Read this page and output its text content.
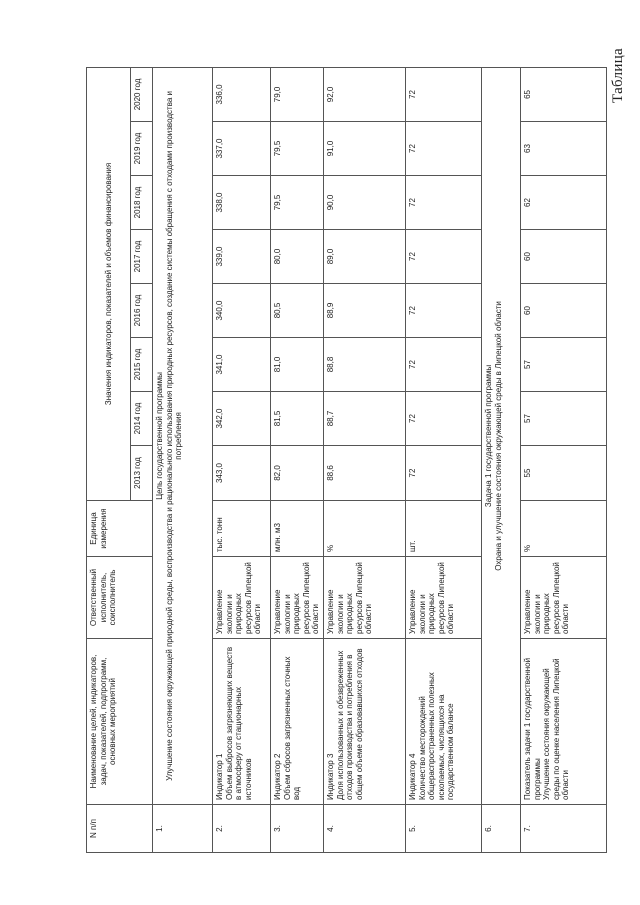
Таблица
N п/п	Наименование целей, индикаторов, задач, показателей, подпрограмм, основных мероприятий	Ответственный исполнитель, соисполнитель	Единица измерения	Значения индикаторов, показателей и объемов финансирования							
				2013 год	2014 год	2015 год	2016 год	2017 год	2018 год	2019 год	2020 год
1.	Цель государственной программы Улучшение состояния окружающей природной среды, воспроизводства и рационального использования природных ресурсов, создание системы обращения с отходами производства и потребления										

2.	Индикатор 1
Объем выбросов загрязняющих веществ в атмосферу от стационарных источников	Управление экологии и природных ресурсов Липецкой области	тыс. тонн	343,0	342,0	341,0	340,0	339,0	338,0	337,0	336,0
3.	Индикатор 2
Объем сбросов загрязненных сточных вод	Управление экологии и природных ресурсов Липецкой области	млн. м3	82,0	81,5	81,0	80,5	80,0	79,5	79,5	79,0
4.	Индикатор 3
Доля использованных и обезвреженных отходов производства и потребления в общем объеме образовавшихся отходов	Управление экологии и природных ресурсов Липецкой области	%	88,6	88,7	88,8	88,9	89,0	90,0	91,0	92,0
5.	Индикатор 4
Количество месторождений общераспространенных полезных ископаемых, числящихся на государственном балансе	Управление экологии и природных ресурсов Липецкой области	шт.	72	72	72	72	72	72	72	72
6.	Задача 1 государственной программы Охрана и улучшение состояния окружающей среды в Липецкой области										

7.	Показатель задачи 1 государственной программы
Улучшение состояния окружающей среды по оценке населения Липецкой области	Управление экологии и природных ресурсов Липецкой области	%	55	57	57	60	60	62	63	65
